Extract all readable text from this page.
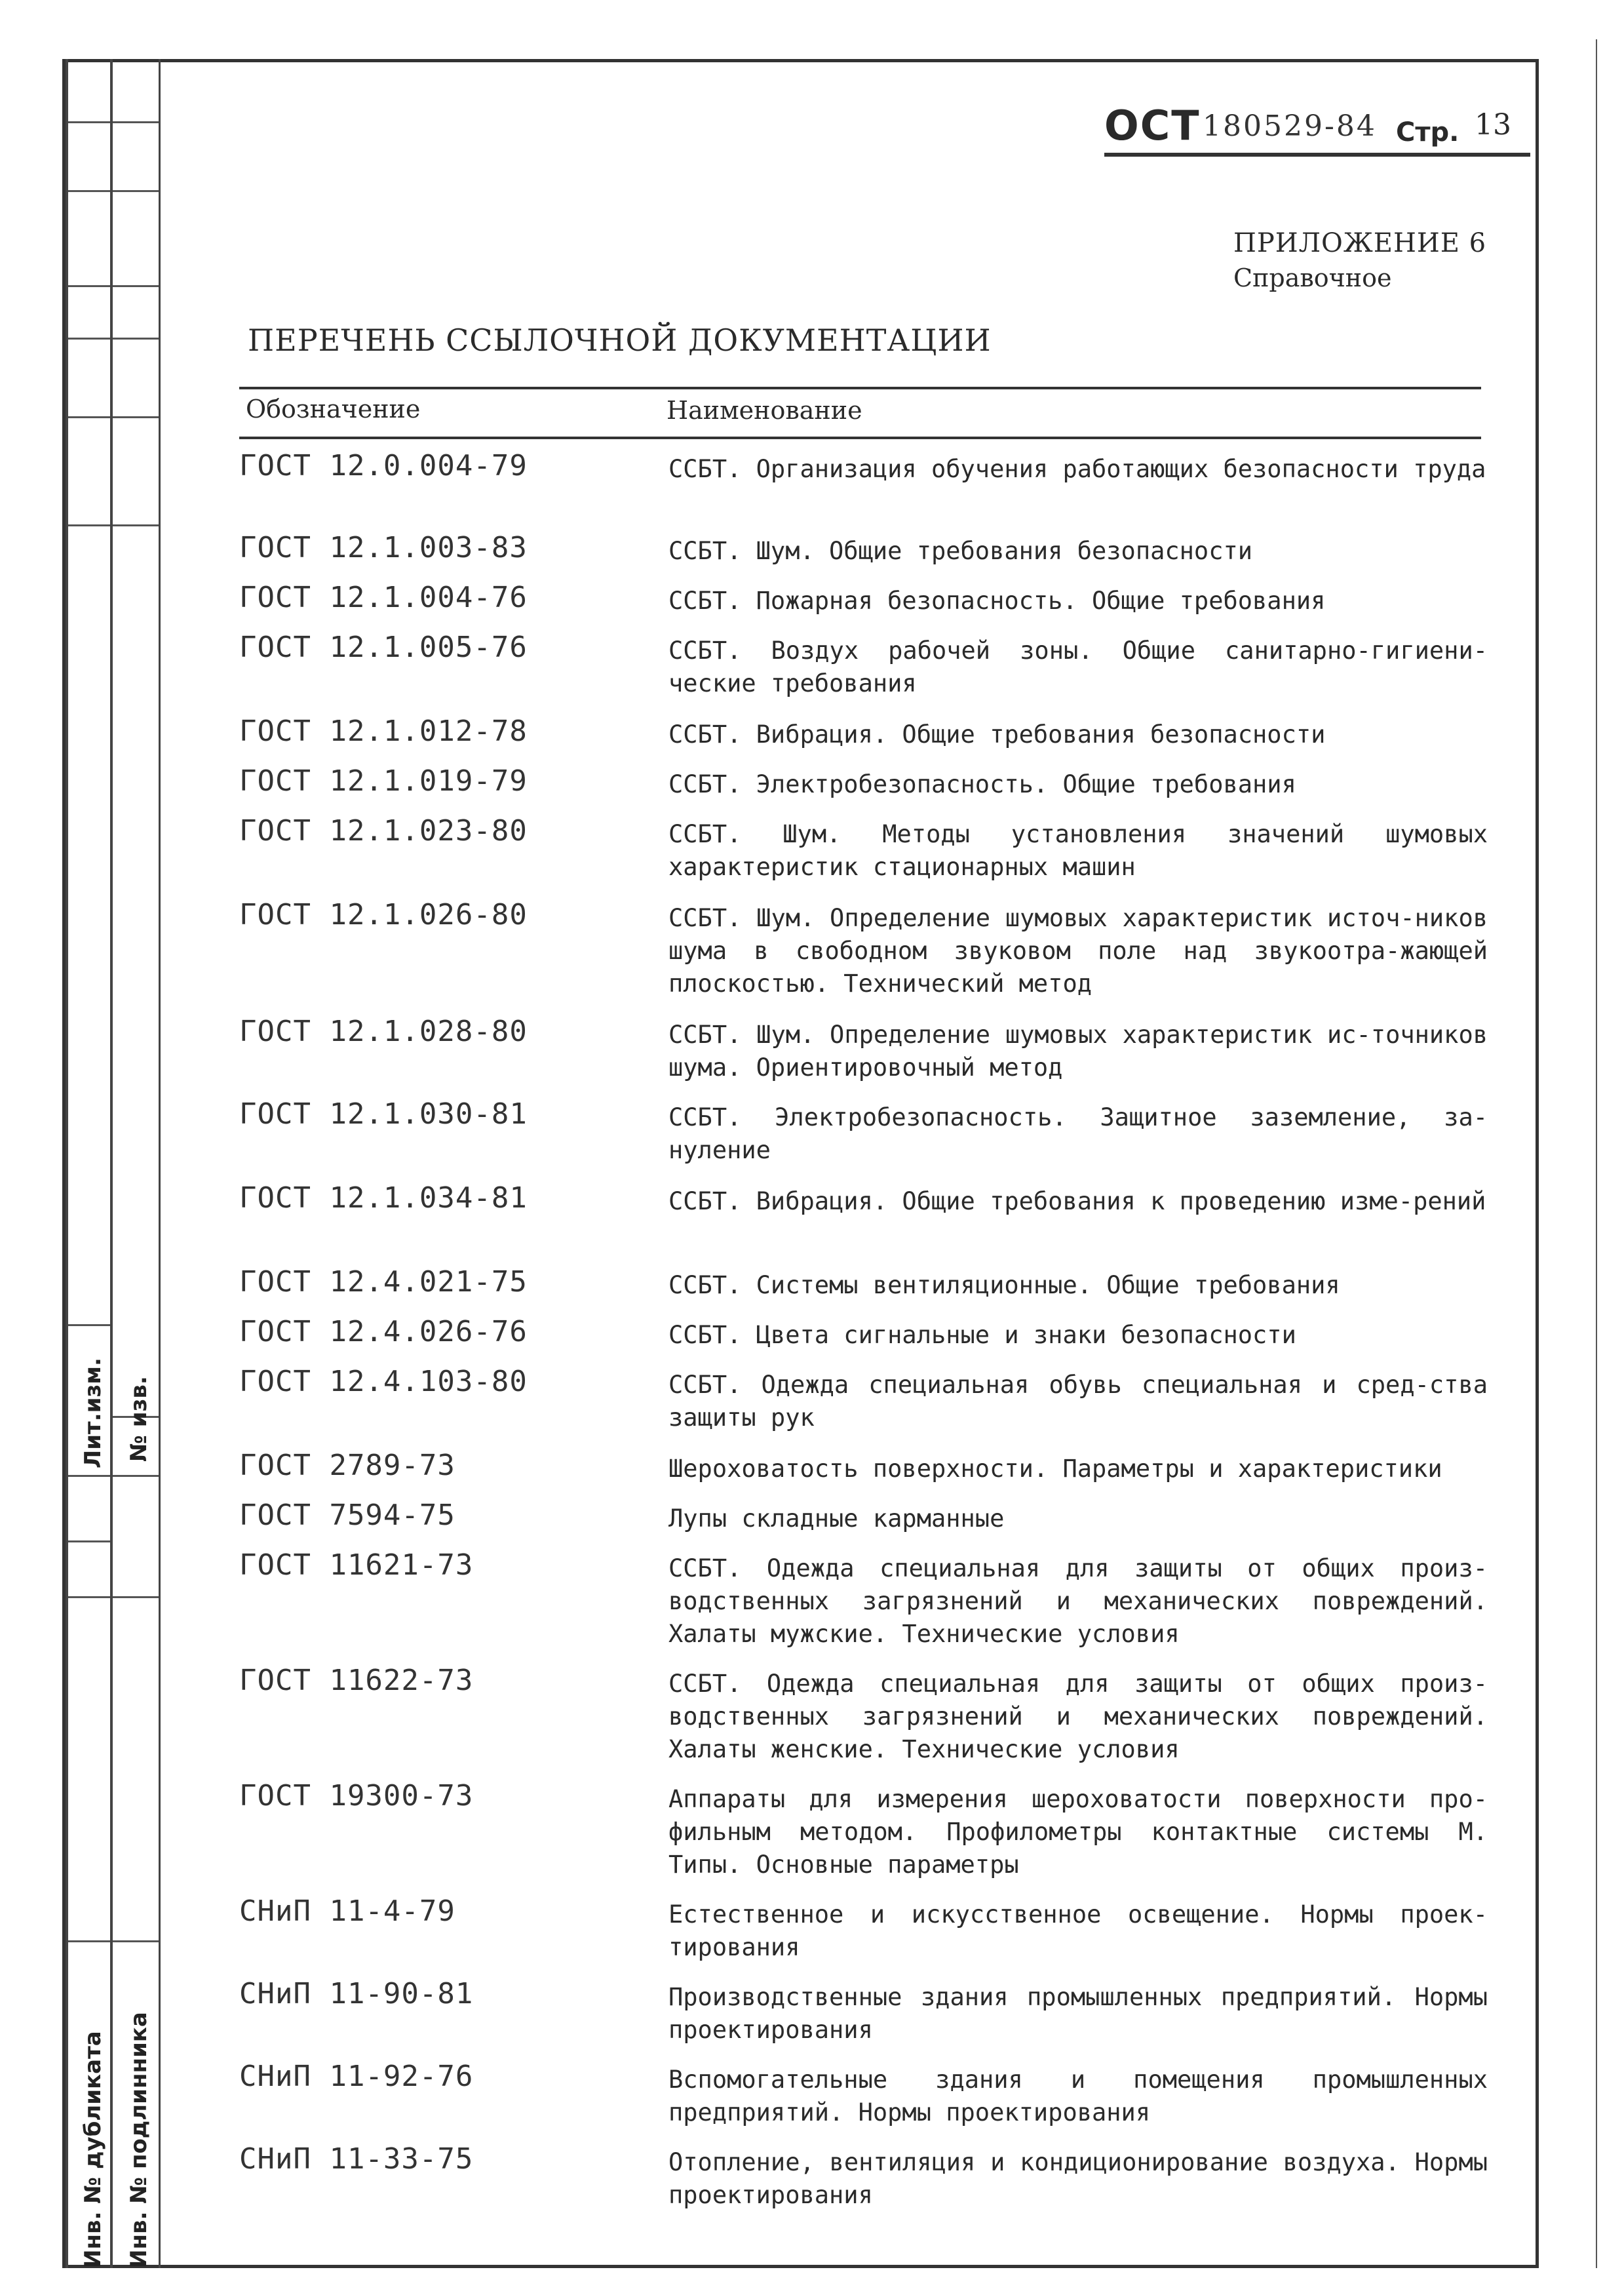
Лит.изм.
Инв. № дубликата
№ изв.
Инв. № подлинника
ОСТ 180529-84 Стр. 13
ПРИЛОЖЕНИЕ 6
Справочное
ПЕРЕЧЕНЬ ССЫЛОЧНОЙ ДОКУМЕНТАЦИИ
Обозначение	Наименование
ГОСТ 12.0.004-79	ССБТ. Организация обучения работающих безопасности труда
ГОСТ 12.1.003-83	ССБТ. Шум. Общие требования безопасности
ГОСТ 12.1.004-76	ССБТ. Пожарная безопасность. Общие требования
ГОСТ 12.1.005-76	ССБТ. Воздух рабочей зоны. Общие санитарно-гигиени-ческие требования
ГОСТ 12.1.012-78	ССБТ. Вибрация. Общие требования безопасности
ГОСТ 12.1.019-79	ССБТ. Электробезопасность. Общие требования
ГОСТ 12.1.023-80	ССБТ. Шум. Методы установления значений шумовых характеристик стационарных машин
ГОСТ 12.1.026-80	ССБТ. Шум. Определение шумовых характеристик источ-ников шума в свободном звуковом поле над звукоотра-жающей плоскостью. Технический метод
ГОСТ 12.1.028-80	ССБТ. Шум. Определение шумовых характеристик ис-точников шума. Ориентировочный метод
ГОСТ 12.1.030-81	ССБТ. Электробезопасность. Защитное заземление, за-нуление
ГОСТ 12.1.034-81	ССБТ. Вибрация. Общие требования к проведению изме-рений
ГОСТ 12.4.021-75	ССБТ. Системы вентиляционные. Общие требования
ГОСТ 12.4.026-76	ССБТ. Цвета сигнальные и знаки безопасности
ГОСТ 12.4.103-80	ССБТ. Одежда специальная обувь специальная и сред-ства защиты рук
ГОСТ 2789-73	Шероховатость поверхности. Параметры и характеристики
ГОСТ 7594-75	Лупы складные карманные
ГОСТ 11621-73	ССБТ. Одежда специальная для защиты от общих произ-водственных загрязнений и механических повреждений. Халаты мужские. Технические условия
ГОСТ 11622-73	ССБТ. Одежда специальная для защиты от общих произ-водственных загрязнений и механических повреждений. Халаты женские. Технические условия
ГОСТ 19300-73	Аппараты для измерения шероховатости поверхности про-фильным методом. Профилометры контактные системы М. Типы. Основные параметры
СНиП 11-4-79	Естественное и искусственное освещение. Нормы проек-тирования
СНиП 11-90-81	Производственные здания промышленных предприятий. Нормы проектирования
СНиП 11-92-76	Вспомогательные здания и помещения промышленных предприятий. Нормы проектирования
СНиП 11-33-75	Отопление, вентиляция и кондиционирование воздуха. Нормы проектирования
